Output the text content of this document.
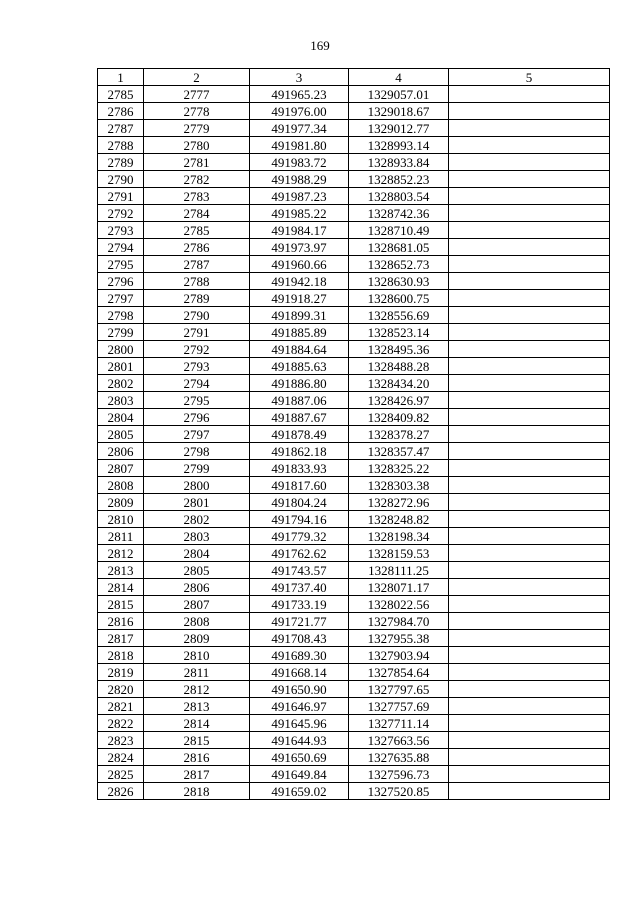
169
1	2	3	4	5
2785	2777	491965.23	1329057.01	
2786	2778	491976.00	1329018.67	
2787	2779	491977.34	1329012.77	
2788	2780	491981.80	1328993.14	
2789	2781	491983.72	1328933.84	
2790	2782	491988.29	1328852.23	
2791	2783	491987.23	1328803.54	
2792	2784	491985.22	1328742.36	
2793	2785	491984.17	1328710.49	
2794	2786	491973.97	1328681.05	
2795	2787	491960.66	1328652.73	
2796	2788	491942.18	1328630.93	
2797	2789	491918.27	1328600.75	
2798	2790	491899.31	1328556.69	
2799	2791	491885.89	1328523.14	
2800	2792	491884.64	1328495.36	
2801	2793	491885.63	1328488.28	
2802	2794	491886.80	1328434.20	
2803	2795	491887.06	1328426.97	
2804	2796	491887.67	1328409.82	
2805	2797	491878.49	1328378.27	
2806	2798	491862.18	1328357.47	
2807	2799	491833.93	1328325.22	
2808	2800	491817.60	1328303.38	
2809	2801	491804.24	1328272.96	
2810	2802	491794.16	1328248.82	
2811	2803	491779.32	1328198.34	
2812	2804	491762.62	1328159.53	
2813	2805	491743.57	1328111.25	
2814	2806	491737.40	1328071.17	
2815	2807	491733.19	1328022.56	
2816	2808	491721.77	1327984.70	
2817	2809	491708.43	1327955.38	
2818	2810	491689.30	1327903.94	
2819	2811	491668.14	1327854.64	
2820	2812	491650.90	1327797.65	
2821	2813	491646.97	1327757.69	
2822	2814	491645.96	1327711.14	
2823	2815	491644.93	1327663.56	
2824	2816	491650.69	1327635.88	
2825	2817	491649.84	1327596.73	
2826	2818	491659.02	1327520.85	
